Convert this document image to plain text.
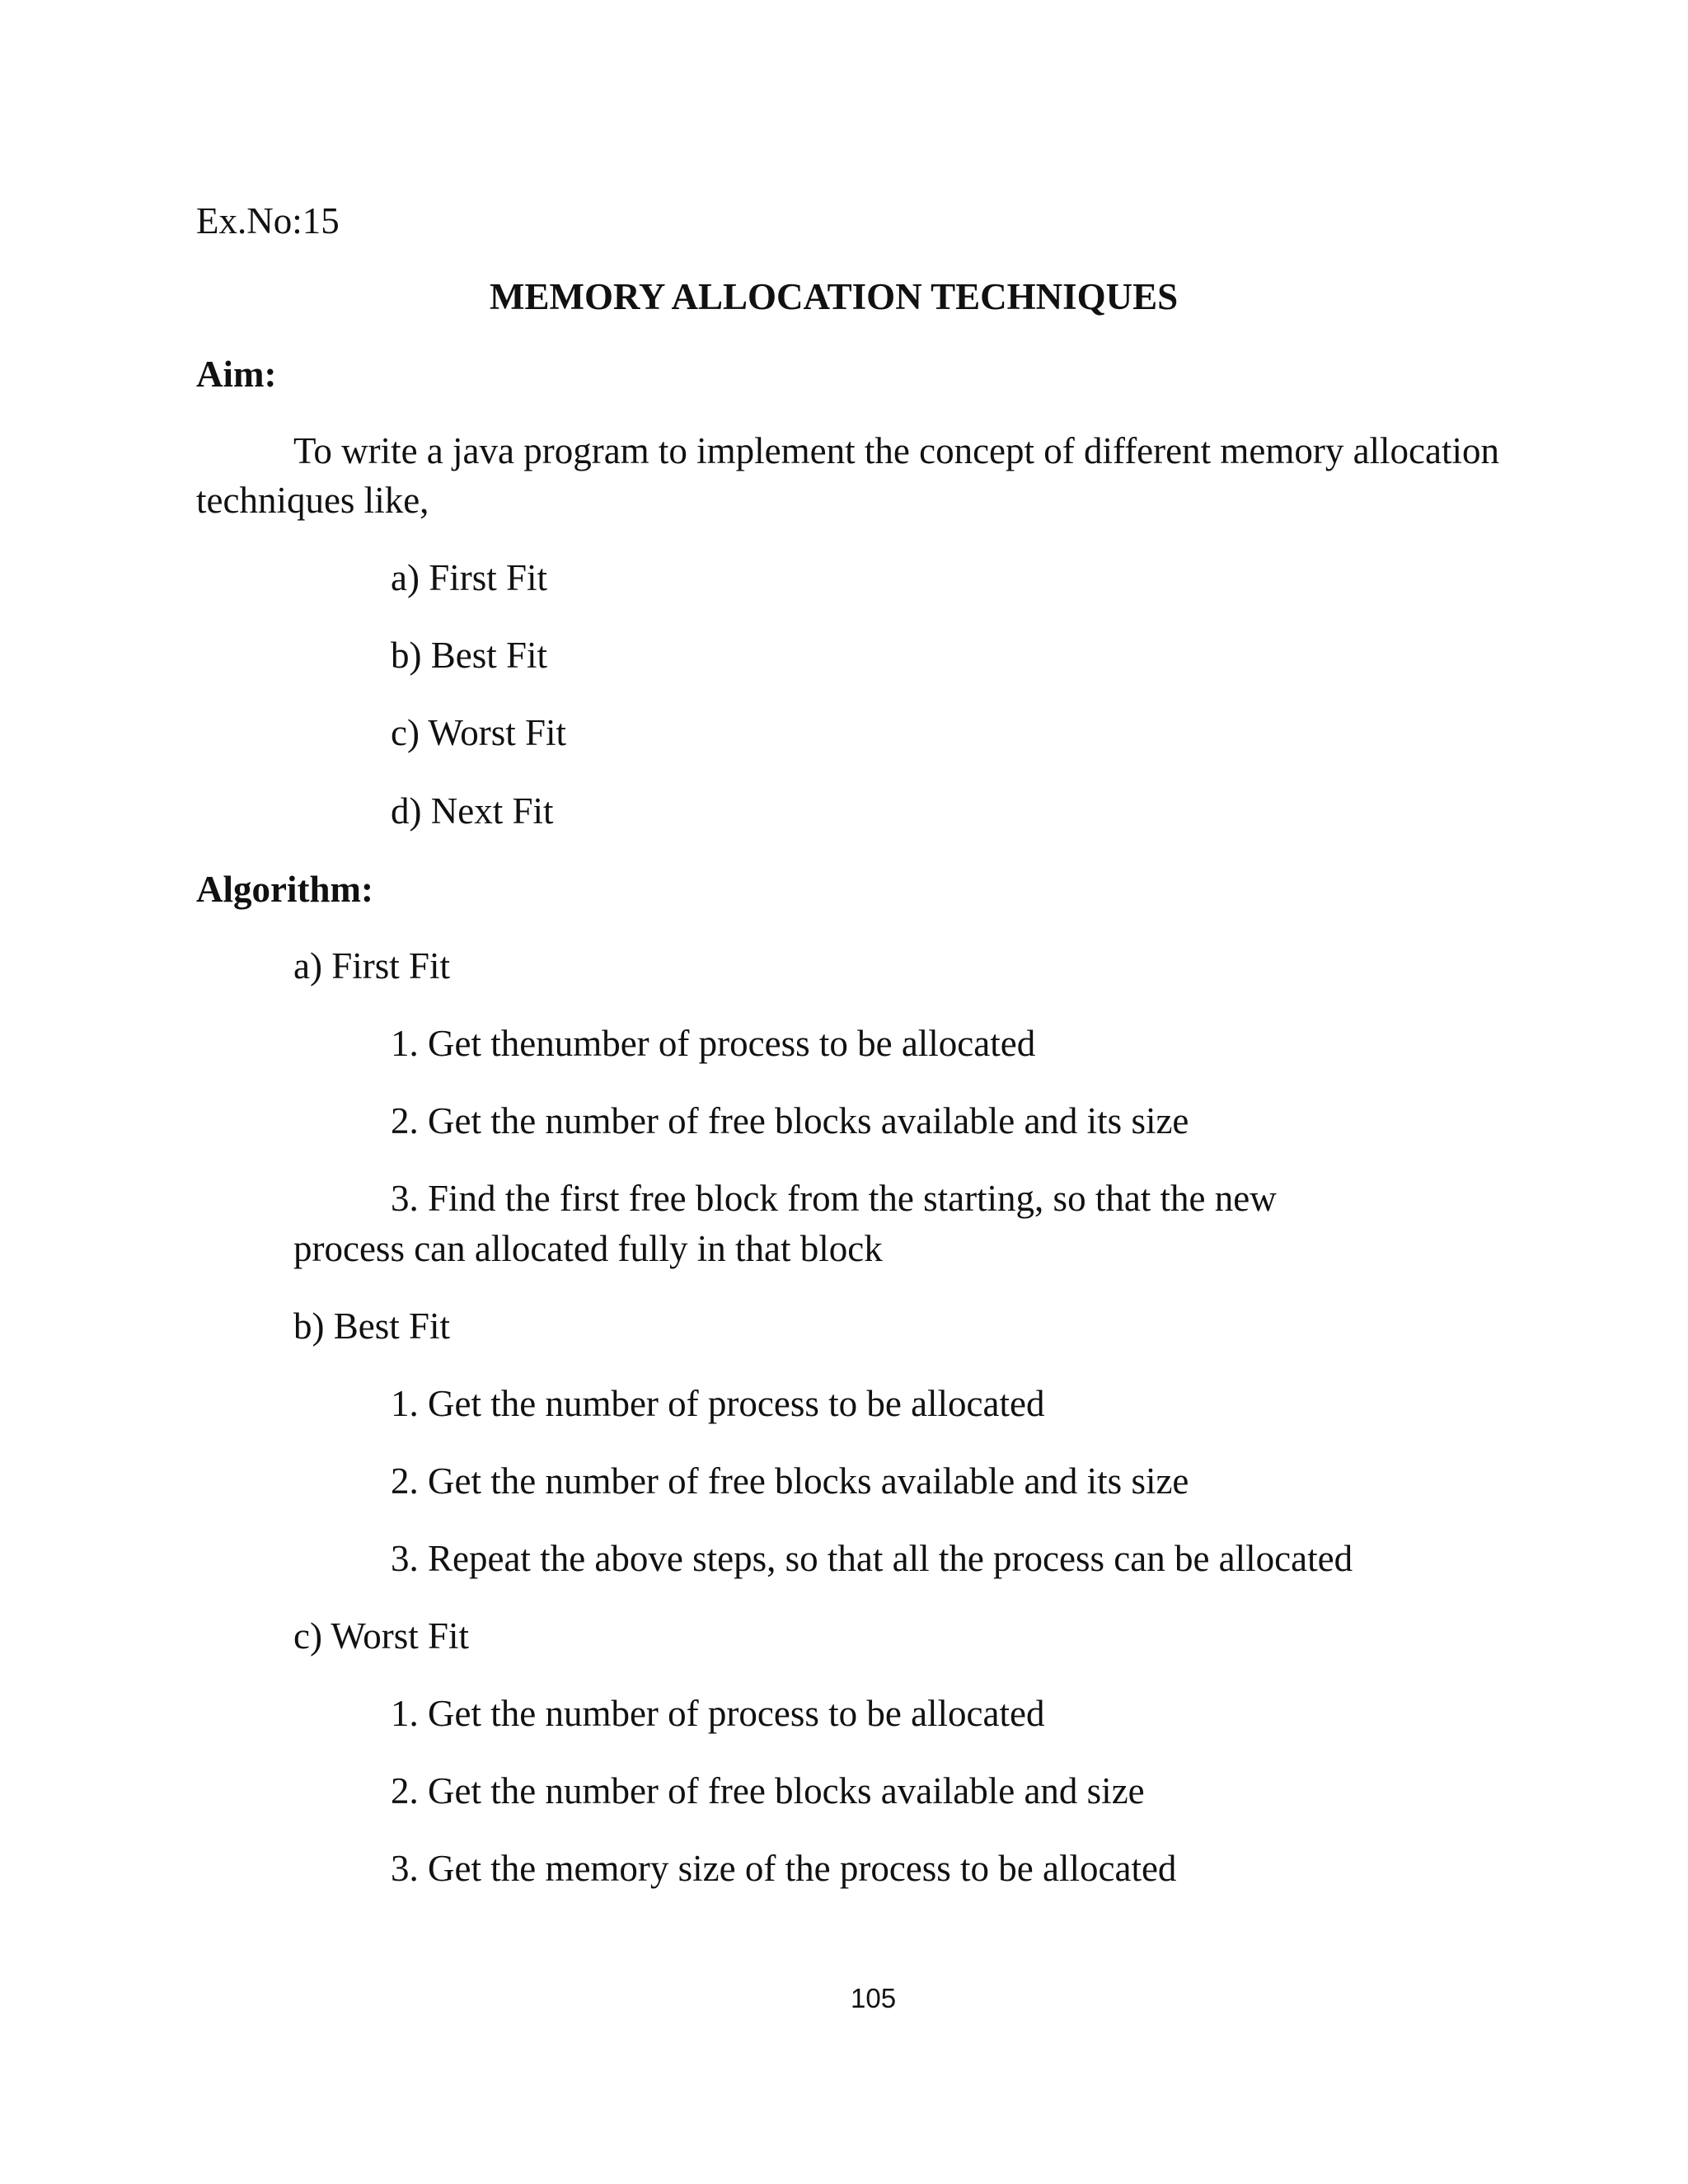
Ex.No:15
MEMORY ALLOCATION TECHNIQUES
Aim:
To write a java program to implement the concept of different memory allocation
techniques like,
a) First Fit
b) Best Fit
c) Worst Fit
d) Next Fit
Algorithm:
a) First Fit
1. Get thenumber of process to be allocated
2. Get the number of free blocks available and its size
3. Find the first free block from the starting, so that the new
process can allocated fully in that block
b) Best Fit
1. Get the number of process to be allocated
2. Get the number of free blocks available and its size
3. Repeat the above steps, so that all the process can be allocated
c) Worst Fit
1. Get the number of process to be allocated
2. Get the number of free blocks available and size
3. Get the memory size of the process to be allocated
105
